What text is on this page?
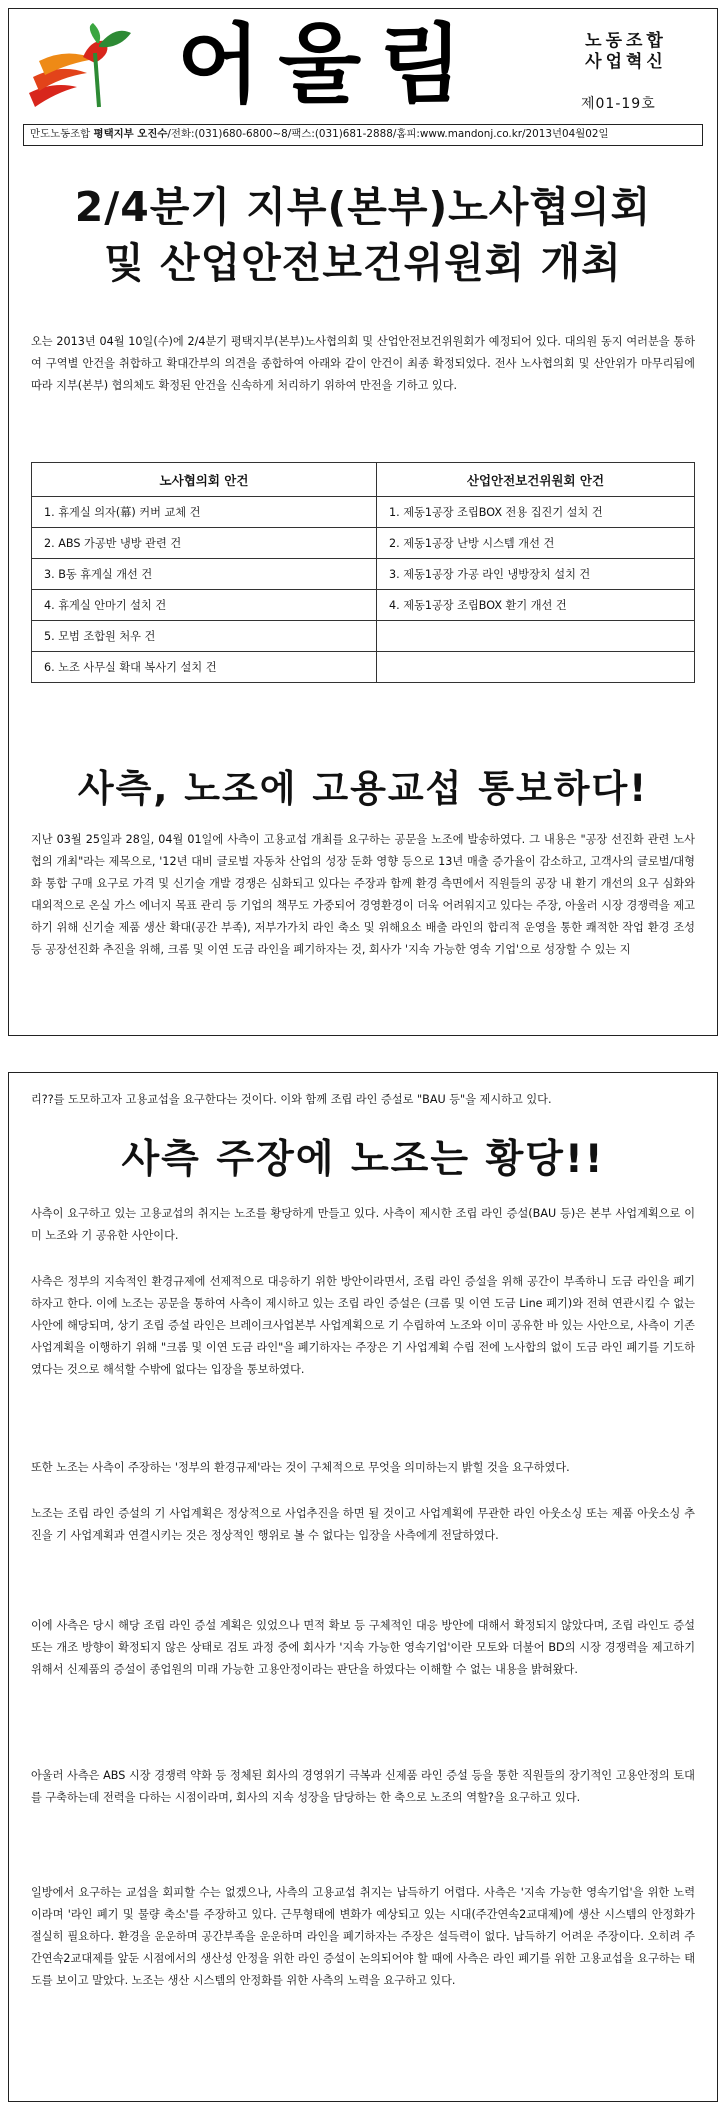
어울림	노동조합
사업혁신
제01-19호
만도노동조합 평택지부 오진수/전화:(031)680-6800~8/팩스:(031)681-2888/홈피:www.mandonj.co.kr/2013년04월02일
2/4분기 지부(본부)노사협의회
및 산업안전보건위원회 개최

오는 2013년 04월 10일(수)에 2/4분기 평택지부(본부)노사협의회 및 산업안전보건위원회가 예정되어 있다. 대의원 동지 여러분을 통하여 구역별 안건을 취합하고 확대간부의 의견을 종합하여 아래와 같이 안건이 최종 확정되었다. 전사 노사협의회 및 산안위가 마무리됨에 따라 지부(본부) 협의체도 확정된 안건을 신속하게 처리하기 위하여 만전을 기하고 있다.

노사협의회 안건	산업안전보건위원회 안건
1. 휴게실 의자(幕) 커버 교체 건	1. 제동1공장 조립BOX 전용 집진기 설치 건
2. ABS 가공반 냉방 관련 건	2. 제동1공장 난방 시스템 개선 건
3. B동 휴게실 개선 건	3. 제동1공장 가공 라인 냉방장치 설치 건
4. 휴게실 안마기 설치 건	4. 제동1공장 조립BOX 환기 개선 건
5. 모범 조합원 처우 건	
6. 노조 사무실 확대 복사기 설치 건	
사측, 노조에 고용교섭 통보하다!

지난 03월 25일과 28일, 04월 01일에 사측이 고용교섭 개최를 요구하는 공문을 노조에 발송하였다. 그 내용은 "공장 선진화 관련 노사협의 개최"라는 제목으로, '12년 대비 글로벌 자동차 산업의 성장 둔화 영향 등으로 13년 매출 증가율이 감소하고, 고객사의 글로벌/대형화 통합 구매 요구로 가격 및 신기술 개발 경쟁은 심화되고 있다는 주장과 함께 환경 측면에서 직원들의 공장 내 환기 개선의 요구 심화와 대외적으로 온실 가스 에너지 목표 관리 등 기업의 책무도 가중되어 경영환경이 더욱 어려워지고 있다는 주장, 아울러 시장 경쟁력을 제고하기 위해 신기술 제품 생산 확대(공간 부족), 저부가가치 라인 축소 및 위해요소 배출 라인의 합리적 운영을 통한 쾌적한 작업 환경 조성 등 공장선진화 추진을 위해, 크롬 및 이연 도금 라인을 폐기하자는 것, 회사가 '지속 가능한 영속 기업'으로 성장할 수 있는 지

리??를 도모하고자 고용교섭을 요구한다는 것이다. 이와 함께 조립 라인 증설로 "BAU 등"을 제시하고 있다.

사측 주장에 노조는 황당!!

사측이 요구하고 있는 고용교섭의 취지는 노조를 황당하게 만들고 있다. 사측이 제시한 조립 라인 증설(BAU 등)은 본부 사업계획으로 이미 노조와 기 공유한 사안이다.

사측은 정부의 지속적인 환경규제에 선제적으로 대응하기 위한 방안이라면서, 조립 라인 증설을 위해 공간이 부족하니 도금 라인을 폐기하자고 한다. 이에 노조는 공문을 통하여 사측이 제시하고 있는 조립 라인 증설은 (크롬 및 이연 도금 Line 폐기)와 전혀 연관시킬 수 없는 사안에 해당되며, 상기 조립 증설 라인은 브레이크사업본부 사업계획으로 기 수립하여 노조와 이미 공유한 바 있는 사안으로, 사측이 기존 사업계획을 이행하기 위해 "크롬 및 이연 도금 라인"을 폐기하자는 주장은 기 사업계획 수립 전에 노사합의 없이 도금 라인 폐기를 기도하였다는 것으로 해석할 수밖에 없다는 입장을 통보하였다.

또한 노조는 사측이 주장하는 '정부의 환경규제'라는 것이 구체적으로 무엇을 의미하는지 밝힐 것을 요구하였다.

노조는 조립 라인 증설의 기 사업계획은 정상적으로 사업추진을 하면 될 것이고 사업계획에 무관한 라인 아웃소싱 또는 제품 아웃소싱 추진을 기 사업계획과 연결시키는 것은 정상적인 행위로 볼 수 없다는 입장을 사측에게 전달하였다.

이에 사측은 당시 해당 조립 라인 증설 계획은 있었으나 면적 확보 등 구체적인 대응 방안에 대해서 확정되지 않았다며, 조립 라인도 증설 또는 개조 방향이 확정되지 않은 상태로 검토 과정 중에 회사가 '지속 가능한 영속기업'이란 모토와 더불어 BD의 시장 경쟁력을 제고하기 위해서 신제품의 증설이 종업원의 미래 가능한 고용안정이라는 판단을 하였다는 이해할 수 없는 내용을 밝혀왔다.

아울러 사측은 ABS 시장 경쟁력 약화 등 정체된 회사의 경영위기 극복과 신제품 라인 증설 등을 통한 직원들의 장기적인 고용안정의 토대를 구축하는데 전력을 다하는 시점이라며, 회사의 지속 성장을 담당하는 한 축으로 노조의 역할?을 요구하고 있다.

일방에서 요구하는 교섭을 회피할 수는 없겠으나, 사측의 고용교섭 취지는 납득하기 어렵다. 사측은 '지속 가능한 영속기업'을 위한 노력이라며 '라인 폐기 및 물량 축소'를 주장하고 있다. 근무형태에 변화가 예상되고 있는 시대(주간연속2교대제)에 생산 시스템의 안정화가 절실히 필요하다. 환경을 운운하며 공간부족을 운운하며 라인을 폐기하자는 주장은 설득력이 없다. 납득하기 어려운 주장이다. 오히려 주간연속2교대제를 앞둔 시점에서의 생산성 안정을 위한 라인 증설이 논의되어야 할 때에 사측은 라인 폐기를 위한 고용교섭을 요구하는 태도를 보이고 말았다. 노조는 생산 시스템의 안정화를 위한 사측의 노력을 요구하고 있다.
